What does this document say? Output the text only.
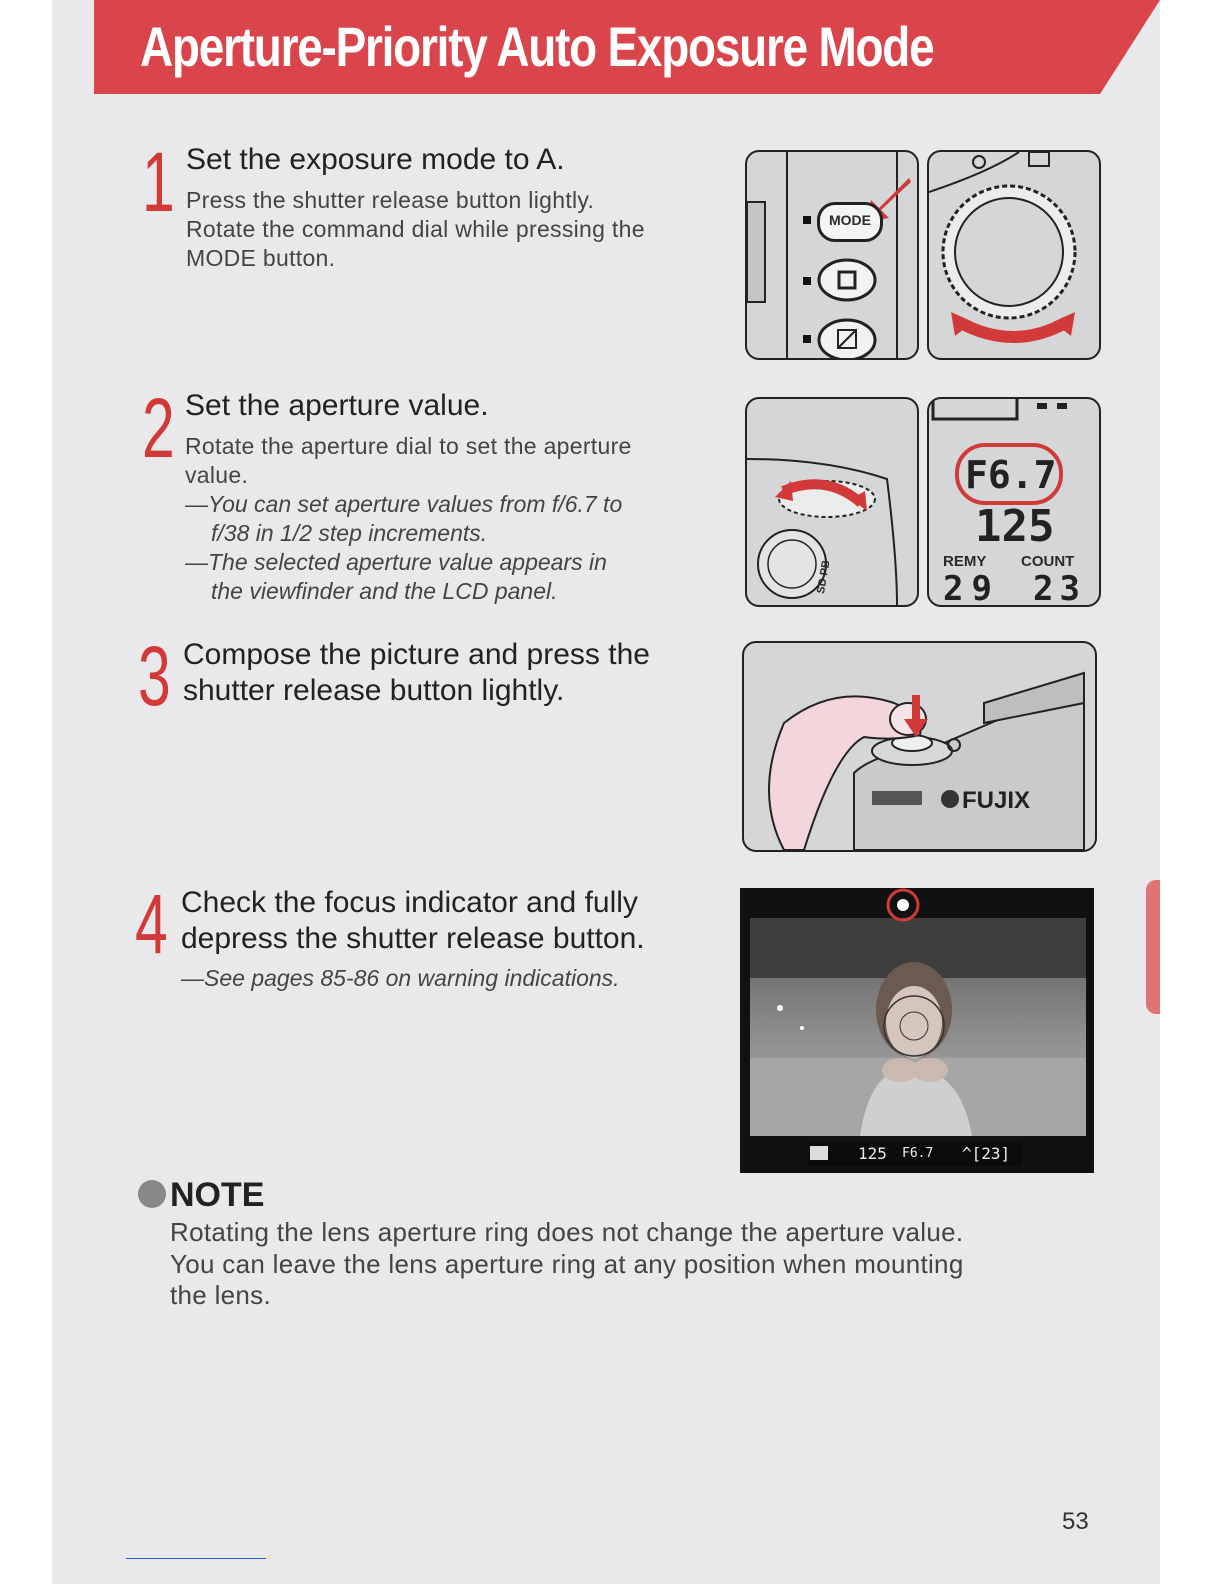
Aperture-Priority Auto Exposure Mode
1 Set the exposure mode to A.
Press the shutter release button lightly.
Rotate the command dial while pressing the
MODE button.
MODE
2 Set the aperture value.
Rotate the aperture dial to set the aperture
value.
—You can set aperture values from f/6.7 to
f/38 in 1/2 step increments.
—The selected aperture value appears in
the viewfinder and the LCD panel.	SD PB
F6.7
125
REMY COUNT
29 23
3 Compose the picture and press the
shutter release button lightly.
FUJIX
4 Check the focus indicator and fully
depress the shutter release button.
—See pages 85-86 on warning indications.
125 F6.7 ^[23]
NOTE
Rotating the lens aperture ring does not change the aperture value.
You can leave the lens aperture ring at any position when mounting
the lens.
53
